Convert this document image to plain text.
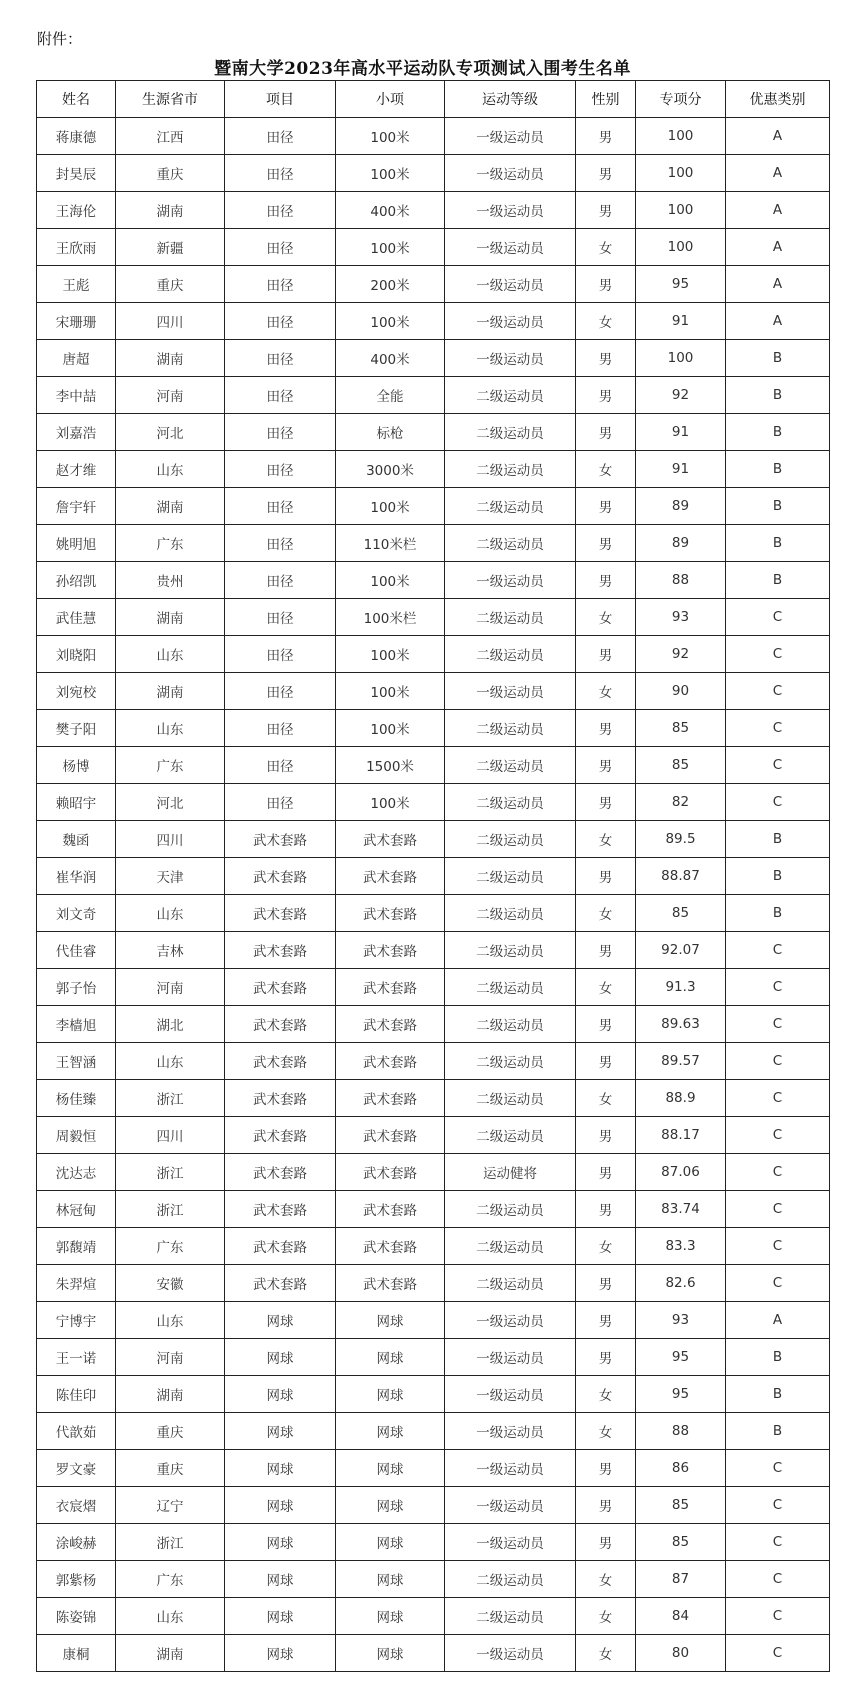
附件：
暨南大学2023年高水平运动队专项测试入围考生名单
姓名	生源省市	项目	小项	运动等级	性别	专项分	优惠类别
蒋康德	江西	田径	100米	一级运动员	男	100	A
封昊辰	重庆	田径	100米	一级运动员	男	100	A
王海伦	湖南	田径	400米	一级运动员	男	100	A
王欣雨	新疆	田径	100米	一级运动员	女	100	A
王彪	重庆	田径	200米	一级运动员	男	95	A
宋珊珊	四川	田径	100米	一级运动员	女	91	A
唐超	湖南	田径	400米	一级运动员	男	100	B
李中喆	河南	田径	全能	二级运动员	男	92	B
刘嘉浩	河北	田径	标枪	二级运动员	男	91	B
赵才维	山东	田径	3000米	二级运动员	女	91	B
詹宇轩	湖南	田径	100米	二级运动员	男	89	B
姚明旭	广东	田径	110米栏	二级运动员	男	89	B
孙绍凯	贵州	田径	100米	一级运动员	男	88	B
武佳慧	湖南	田径	100米栏	二级运动员	女	93	C
刘晓阳	山东	田径	100米	二级运动员	男	92	C
刘宛校	湖南	田径	100米	一级运动员	女	90	C
樊子阳	山东	田径	100米	二级运动员	男	85	C
杨博	广东	田径	1500米	二级运动员	男	85	C
赖昭宇	河北	田径	100米	二级运动员	男	82	C
魏函	四川	武术套路	武术套路	二级运动员	女	89.5	B
崔华润	天津	武术套路	武术套路	二级运动员	男	88.87	B
刘文奇	山东	武术套路	武术套路	二级运动员	女	85	B
代佳睿	吉林	武术套路	武术套路	二级运动员	男	92.07	C
郭子怡	河南	武术套路	武术套路	二级运动员	女	91.3	C
李樯旭	湖北	武术套路	武术套路	二级运动员	男	89.63	C
王智涵	山东	武术套路	武术套路	二级运动员	男	89.57	C
杨佳臻	浙江	武术套路	武术套路	二级运动员	女	88.9	C
周毅恒	四川	武术套路	武术套路	二级运动员	男	88.17	C
沈达志	浙江	武术套路	武术套路	运动健将	男	87.06	C
林冠甸	浙江	武术套路	武术套路	二级运动员	男	83.74	C
郭馥靖	广东	武术套路	武术套路	二级运动员	女	83.3	C
朱羿煊	安徽	武术套路	武术套路	二级运动员	男	82.6	C
宁博宇	山东	网球	网球	一级运动员	男	93	A
王一诺	河南	网球	网球	一级运动员	男	95	B
陈佳印	湖南	网球	网球	一级运动员	女	95	B
代歆茹	重庆	网球	网球	一级运动员	女	88	B
罗文豪	重庆	网球	网球	一级运动员	男	86	C
衣宸熠	辽宁	网球	网球	一级运动员	男	85	C
涂峻赫	浙江	网球	网球	一级运动员	男	85	C
郭紫杨	广东	网球	网球	二级运动员	女	87	C
陈姿锦	山东	网球	网球	二级运动员	女	84	C
康桐	湖南	网球	网球	一级运动员	女	80	C
